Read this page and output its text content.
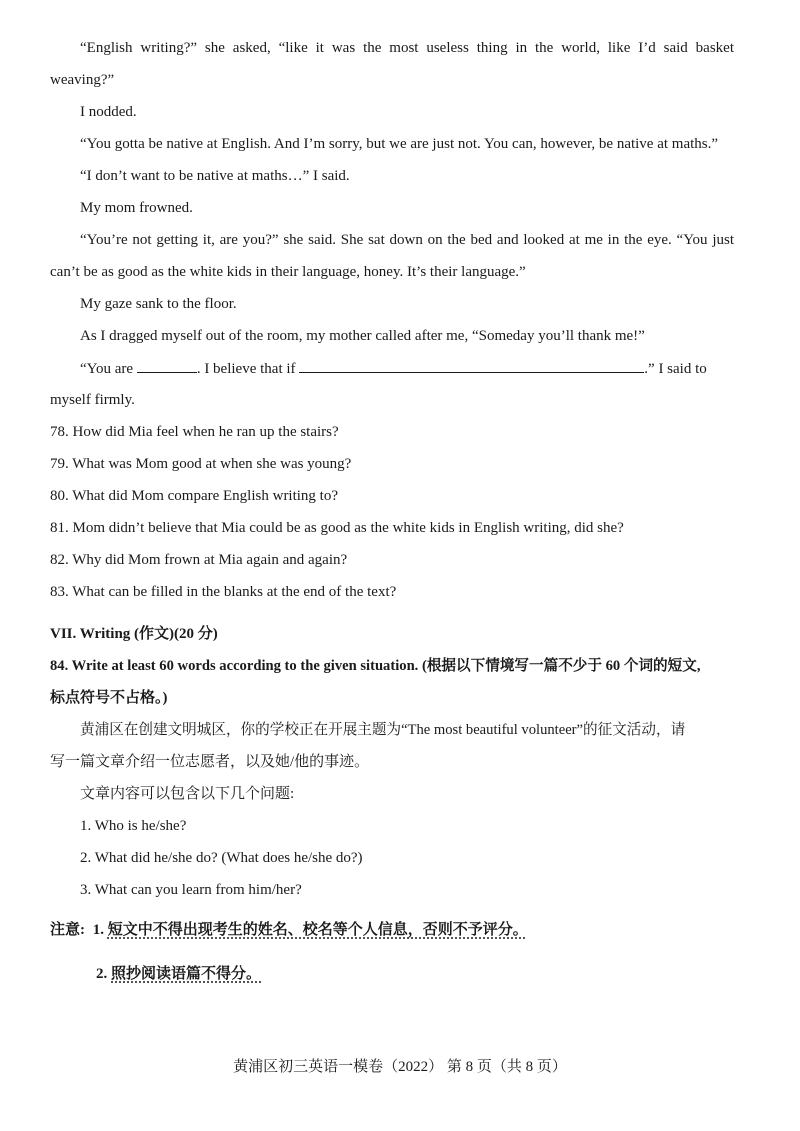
“English writing?” she asked, “like it was the most useless thing in the world, like I’d said basket
weaving?”
I nodded.
“You gotta be native at English. And I’m sorry, but we are just not. You can, however, be native at maths.”
“I don’t want to be native at maths…” I said.
My mom frowned.
“You’re not getting it, are you?” she said. She sat down on the bed and looked at me in the eye. “You just
can’t be as good as the white kids in their language, honey. It’s their language.”
My gaze sank to the floor.
As I dragged myself out of the room, my mother called after me, “Someday you’ll thank me!”
“You are	. I believe that if	.” I said to
myself firmly.
78. How did Mia feel when he ran up the stairs?
79. What was Mom good at when she was young?
80. What did Mom compare English writing to?
81. Mom didn’t believe that Mia could be as good as the white kids in English writing, did she?
82. Why did Mom frown at Mia again and again?
83. What can be filled in the blanks at the end of the text?
VII. Writing (作文)(20 分)
84. Write at least 60 words according to the given situation. (根据以下情境写一篇不少于 60 个词的短文,
标点符号不占格。)
黄浦区在创建文明城区，你的学校正在开展主题为“The most beautiful volunteer”的征文活动，请
写一篇文章介绍一位志愿者，以及她/他的事迹。
文章内容可以包含以下几个问题:
1. Who is he/she?
2. What did he/she do? (What does he/she do?)
3. What can you learn from him/her?
注意: 1. 短文中不得出现考生的姓名、校名等个人信息，否则不予评分。
2. 照抄阅读语篇不得分。
黄浦区初三英语一模卷（2022） 第 8 页（共 8 页）
